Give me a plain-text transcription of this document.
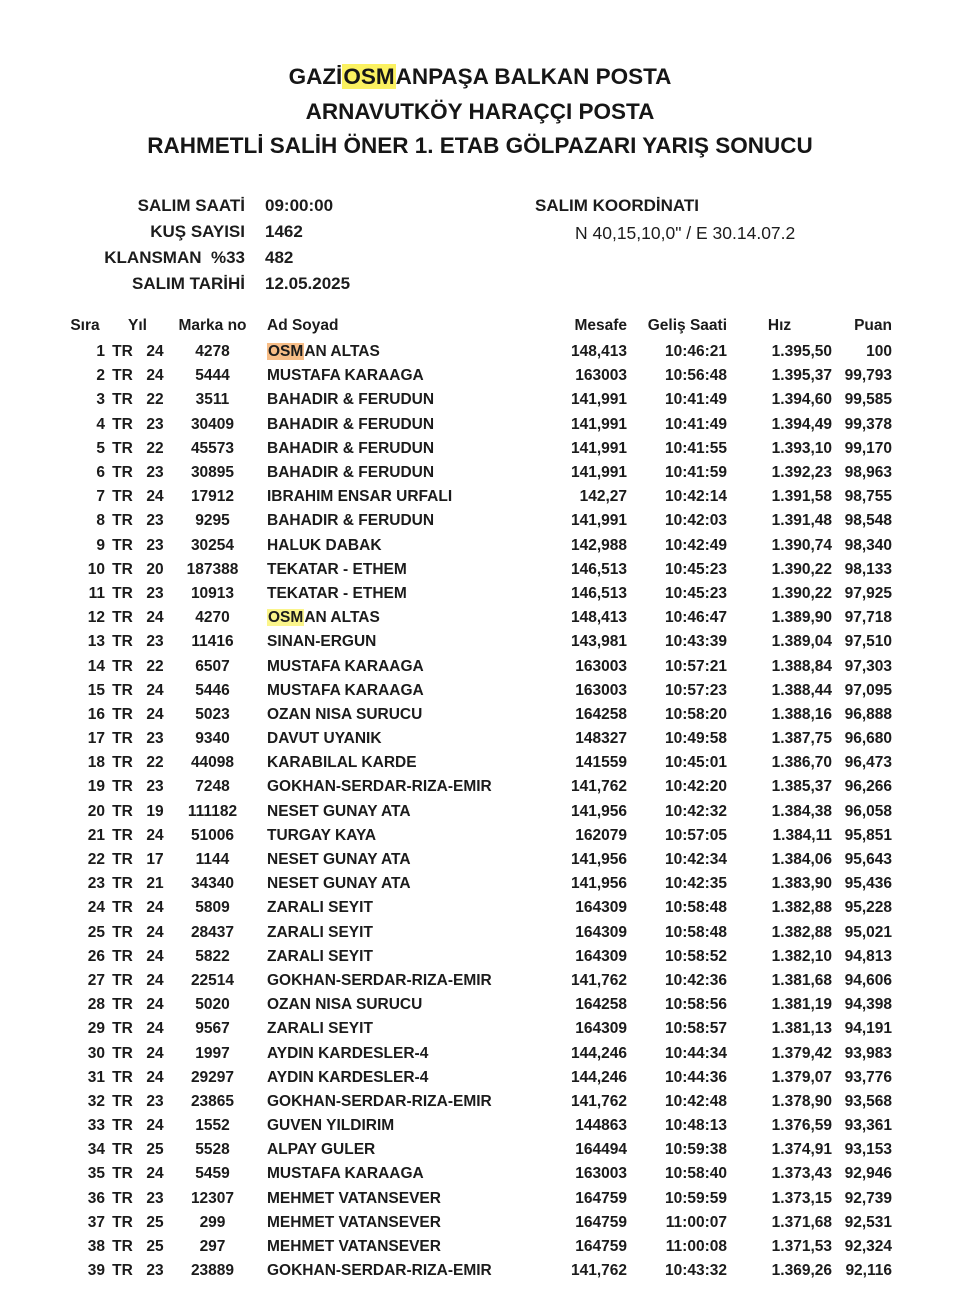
GAZİOSMANPAŞA BALKAN POSTA
ARNAVUTKÖY HARAÇÇI POSTA
RAHMETLİ SALİH ÖNER 1. ETAB GÖLPAZARI YARIŞ SONUCU
SALIM SAATİ 09:00:00
KUŞ SAYISI 1462
KLANSMAN  %33 482
SALIM TARİHİ 12.05.2025
SALIM KOORDİNATI
N 40,15,10,0" / E 30.14.07.2
Sıra	Yıl		Marka no	Ad Soyad	Mesafe	Geliş Saati	Hız	Puan
1	TR	24	4278	OSMAN ALTAS	148,413	10:46:21	1.395,50	100
2	TR	24	5444	MUSTAFA KARAAGA	163003	10:56:48	1.395,37	99,793
3	TR	22	3511	BAHADIR & FERUDUN	141,991	10:41:49	1.394,60	99,585
4	TR	23	30409	BAHADIR & FERUDUN	141,991	10:41:49	1.394,49	99,378
5	TR	22	45573	BAHADIR & FERUDUN	141,991	10:41:55	1.393,10	99,170
6	TR	23	30895	BAHADIR & FERUDUN	141,991	10:41:59	1.392,23	98,963
7	TR	24	17912	IBRAHIM ENSAR URFALI	142,27	10:42:14	1.391,58	98,755
8	TR	23	9295	BAHADIR & FERUDUN	141,991	10:42:03	1.391,48	98,548
9	TR	23	30254	HALUK DABAK	142,988	10:42:49	1.390,74	98,340
10	TR	20	187388	TEKATAR - ETHEM	146,513	10:45:23	1.390,22	98,133
11	TR	23	10913	TEKATAR - ETHEM	146,513	10:45:23	1.390,22	97,925
12	TR	24	4270	OSMAN ALTAS	148,413	10:46:47	1.389,90	97,718
13	TR	23	11416	SINAN-ERGUN	143,981	10:43:39	1.389,04	97,510
14	TR	22	6507	MUSTAFA KARAAGA	163003	10:57:21	1.388,84	97,303
15	TR	24	5446	MUSTAFA KARAAGA	163003	10:57:23	1.388,44	97,095
16	TR	24	5023	OZAN NISA SURUCU	164258	10:58:20	1.388,16	96,888
17	TR	23	9340	DAVUT UYANIK	148327	10:49:58	1.387,75	96,680
18	TR	22	44098	KARABILAL KARDE	141559	10:45:01	1.386,70	96,473
19	TR	23	7248	GOKHAN-SERDAR-RIZA-EMIR	141,762	10:42:20	1.385,37	96,266
20	TR	19	111182	NESET GUNAY ATA	141,956	10:42:32	1.384,38	96,058
21	TR	24	51006	TURGAY KAYA	162079	10:57:05	1.384,11	95,851
22	TR	17	1144	NESET GUNAY ATA	141,956	10:42:34	1.384,06	95,643
23	TR	21	34340	NESET GUNAY ATA	141,956	10:42:35	1.383,90	95,436
24	TR	24	5809	ZARALI SEYIT	164309	10:58:48	1.382,88	95,228
25	TR	24	28437	ZARALI SEYIT	164309	10:58:48	1.382,88	95,021
26	TR	24	5822	ZARALI SEYIT	164309	10:58:52	1.382,10	94,813
27	TR	24	22514	GOKHAN-SERDAR-RIZA-EMIR	141,762	10:42:36	1.381,68	94,606
28	TR	24	5020	OZAN NISA SURUCU	164258	10:58:56	1.381,19	94,398
29	TR	24	9567	ZARALI SEYIT	164309	10:58:57	1.381,13	94,191
30	TR	24	1997	AYDIN KARDESLER-4	144,246	10:44:34	1.379,42	93,983
31	TR	24	29297	AYDIN KARDESLER-4	144,246	10:44:36	1.379,07	93,776
32	TR	23	23865	GOKHAN-SERDAR-RIZA-EMIR	141,762	10:42:48	1.378,90	93,568
33	TR	24	1552	GUVEN YILDIRIM	144863	10:48:13	1.376,59	93,361
34	TR	25	5528	ALPAY GULER	164494	10:59:38	1.374,91	93,153
35	TR	24	5459	MUSTAFA KARAAGA	163003	10:58:40	1.373,43	92,946
36	TR	23	12307	MEHMET VATANSEVER	164759	10:59:59	1.373,15	92,739
37	TR	25	299	MEHMET VATANSEVER	164759	11:00:07	1.371,68	92,531
38	TR	25	297	MEHMET VATANSEVER	164759	11:00:08	1.371,53	92,324
39	TR	23	23889	GOKHAN-SERDAR-RIZA-EMIR	141,762	10:43:32	1.369,26	92,116
